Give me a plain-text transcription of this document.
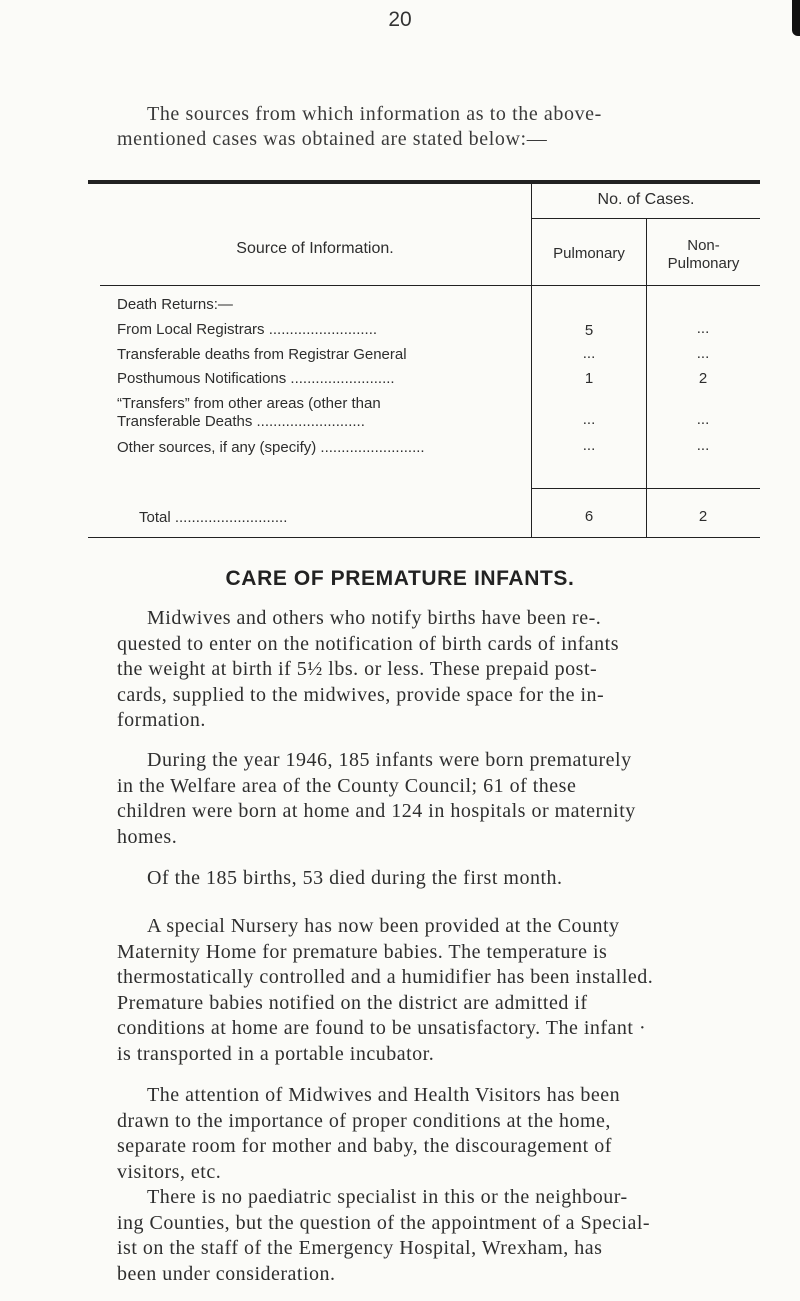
20
The sources from which information as to the above-
mentioned cases was obtained are stated below:—
Source of Information.
No. of Cases.
Pulmonary	Non-
Pulmonary
Death Returns:—
From Local Registrars ..........................	5	...
Transferable deaths from Registrar General	...	...
Posthumous Notifications .........................	1	2
“Transfers” from other areas (other than
Transferable Deaths ..........................	...	...
Other sources, if any (specify) .........................	...	...
Total ...........................	6	2
CARE OF PREMATURE INFANTS.
Midwives and others who notify births have been re-.
quested to enter on the notification of birth cards of infants
the weight at birth if 5½ lbs. or less. These prepaid post-
cards, supplied to the midwives, provide space for the in-
formation.
During the year 1946, 185 infants were born prematurely
in the Welfare area of the County Council; 61 of these
children were born at home and 124 in hospitals or maternity
homes.
Of the 185 births, 53 died during the first month.
A special Nursery has now been provided at the County
Maternity Home for premature babies. The temperature is
thermostatically controlled and a humidifier has been installed.
Premature babies notified on the district are admitted if
conditions at home are found to be unsatisfactory. The infant ·
is transported in a portable incubator.
The attention of Midwives and Health Visitors has been
drawn to the importance of proper conditions at the home,
separate room for mother and baby, the discouragement of
visitors, etc.
There is no paediatric specialist in this or the neighbour-
ing Counties, but the question of the appointment of a Special-
ist on the staff of the Emergency Hospital, Wrexham, has
been under consideration.
